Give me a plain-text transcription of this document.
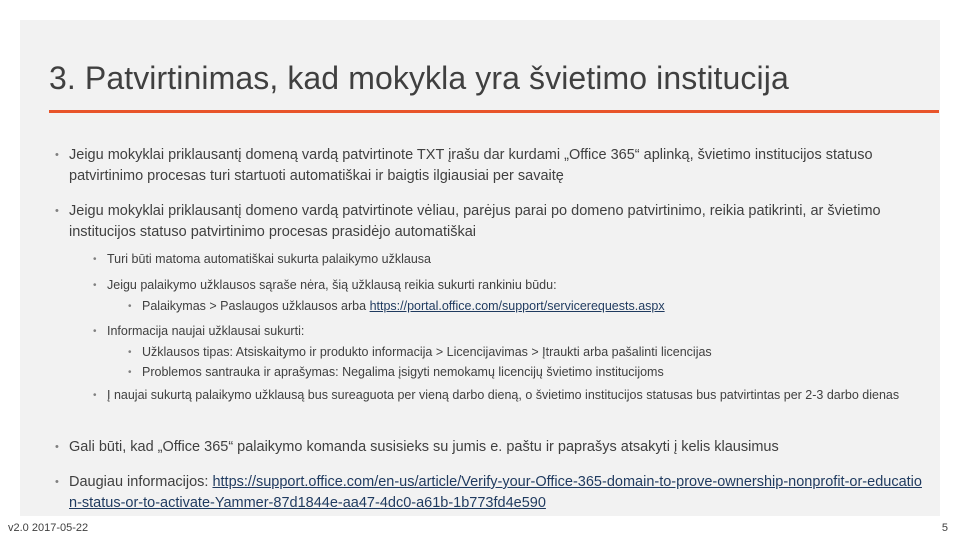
3. Patvirtinimas, kad mokykla yra švietimo institucija
• Jeigu mokyklai priklausantį domeną vardą patvirtinote TXT įrašu dar kurdami „Office 365“ aplinką, švietimo institucijos statuso patvirtinimo procesas turi startuoti automatiškai ir baigtis ilgiausiai per savaitę
• Jeigu mokyklai priklausantį domeno vardą patvirtinote vėliau, parėjus parai po domeno patvirtinimo, reikia patikrinti, ar švietimo institucijos statuso patvirtinimo procesas prasidėjo automatiškai
• Turi būti matoma automatiškai sukurta palaikymo užklausa
• Jeigu palaikymo užklausos sąraše nėra, šią užklausą reikia sukurti rankiniu būdu:
• Palaikymas > Paslaugos užklausos arba https://portal.office.com/support/servicerequests.aspx
• Informacija naujai užklausai sukurti:
• Užklausos tipas: Atsiskaitymo ir produkto informacija > Licencijavimas > Įtraukti arba pašalinti licencijas
• Problemos santrauka ir aprašymas: Negalima įsigyti nemokamų licencijų švietimo institucijoms
• Į naujai sukurtą palaikymo užklausą bus sureaguota per vieną darbo dieną, o švietimo institucijos statusas bus patvirtintas per 2-3 darbo dienas
• Gali būti, kad „Office 365“ palaikymo komanda susisieks su jumis e. paštu ir paprašys atsakyti į kelis klausimus
• Daugiau informacijos: https://support.office.com/en-us/article/Verify-your-Office-365-domain-to-prove-ownership-nonprofit-or-education-status-or-to-activate-Yammer-87d1844e-aa47-4dc0-a61b-1b773fd4e590
v2.0 2017-05-22	5
